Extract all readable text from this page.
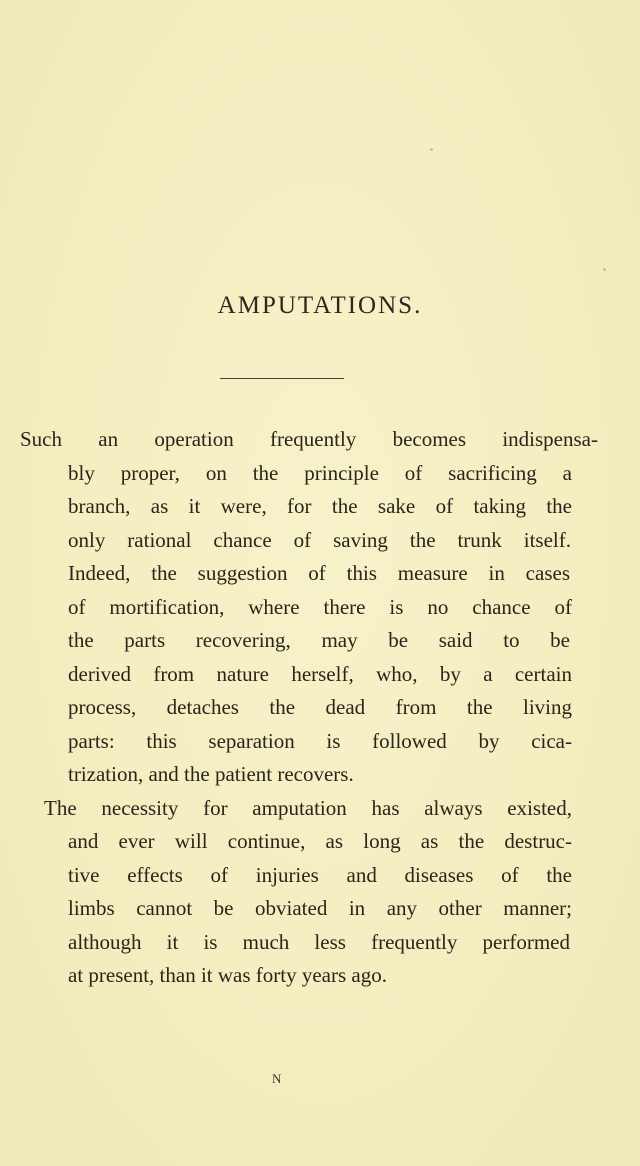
AMPUTATIONS.
Such an operation frequently becomes indispensa-
bly proper, on the principle of sacrificing a
branch, as it were, for the sake of taking the
only rational chance of saving the trunk itself.
Indeed, the suggestion of this measure in cases
of mortification, where there is no chance of
the parts recovering, may be said to be
derived from nature herself, who, by a certain
process, detaches the dead from the living
parts: this separation is followed by cica-
trization, and the patient recovers.
The necessity for amputation has always existed,
and ever will continue, as long as the destruc-
tive effects of injuries and diseases of the
limbs cannot be obviated in any other manner;
although it is much less frequently performed
at present, than it was forty years ago.
N
